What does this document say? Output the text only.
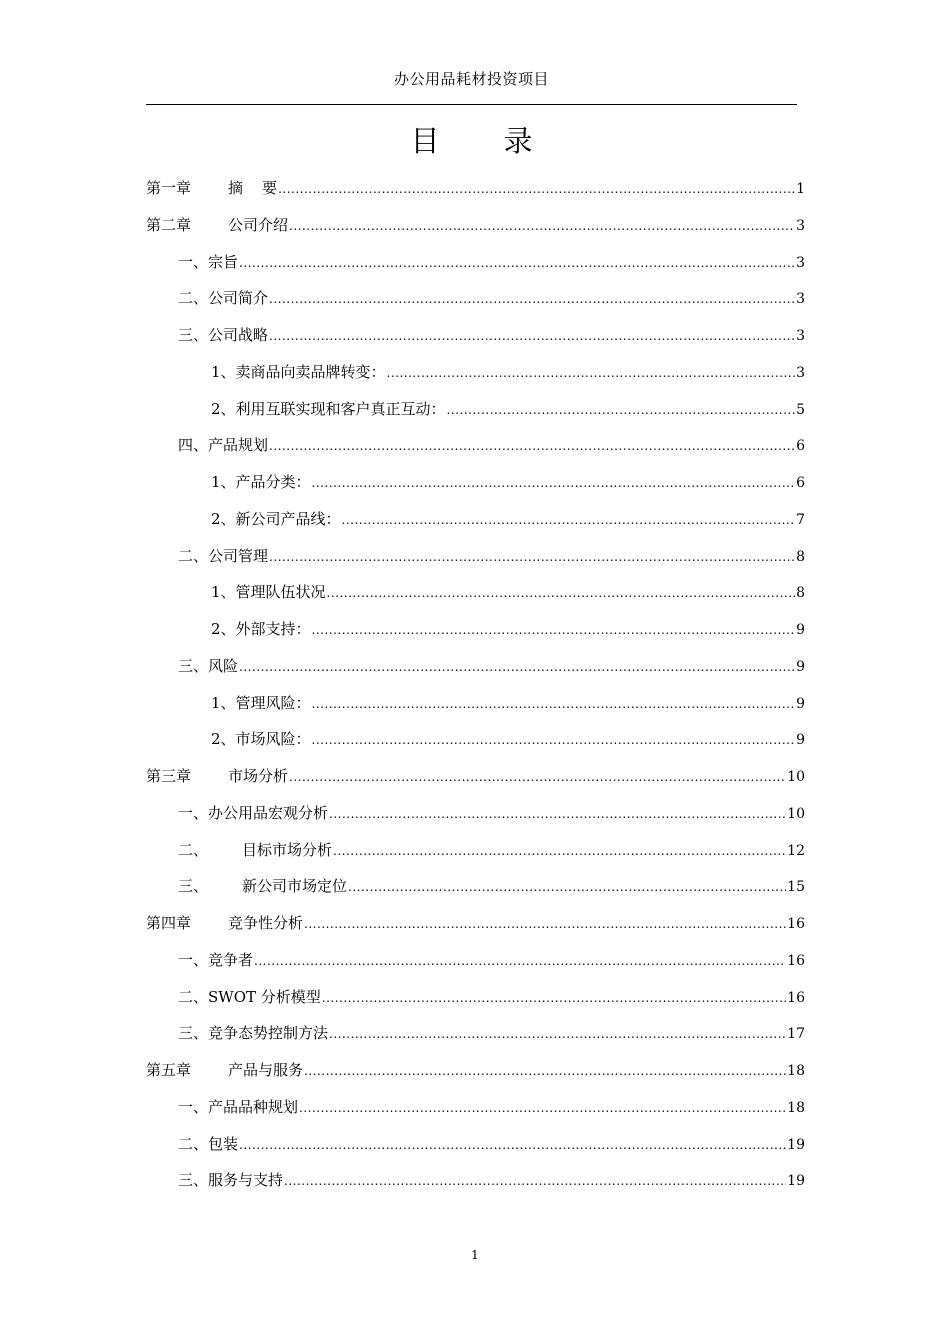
办公用品耗材投资项目
目录
第一章	摘    要 .....	1
第二章	公司介绍 .....	3
一、宗旨 .....	3
二、公司简介 .....	3
三、公司战略 .....	3
1、卖商品向卖品牌转变： .....	3
2、利用互联实现和客户真正互动： .....	5
四、产品规划 .....	6
1、产品分类： .....	6
2、新公司产品线： .....	7
二、公司管理 .....	8
1、管理队伍状况 .....	8
2、外部支持： .....	9
三、风险 .....	9
1、管理风险： .....	9
2、市场风险： .....	9
第三章	市场分析 .....	10
一、办公用品宏观分析 .....	10
二、 目标市场分析 .....	12
三、 新公司市场定位 .....	15
第四章	竞争性分析 .....	16
一、竞争者 .....	16
二、SWOT 分析模型 .....	16
三、竞争态势控制方法 .....	17
第五章	产品与服务 .....	18
一、产品品种规划 .....	18
二、包装 .....	19
三、服务与支持 .....	19
1
